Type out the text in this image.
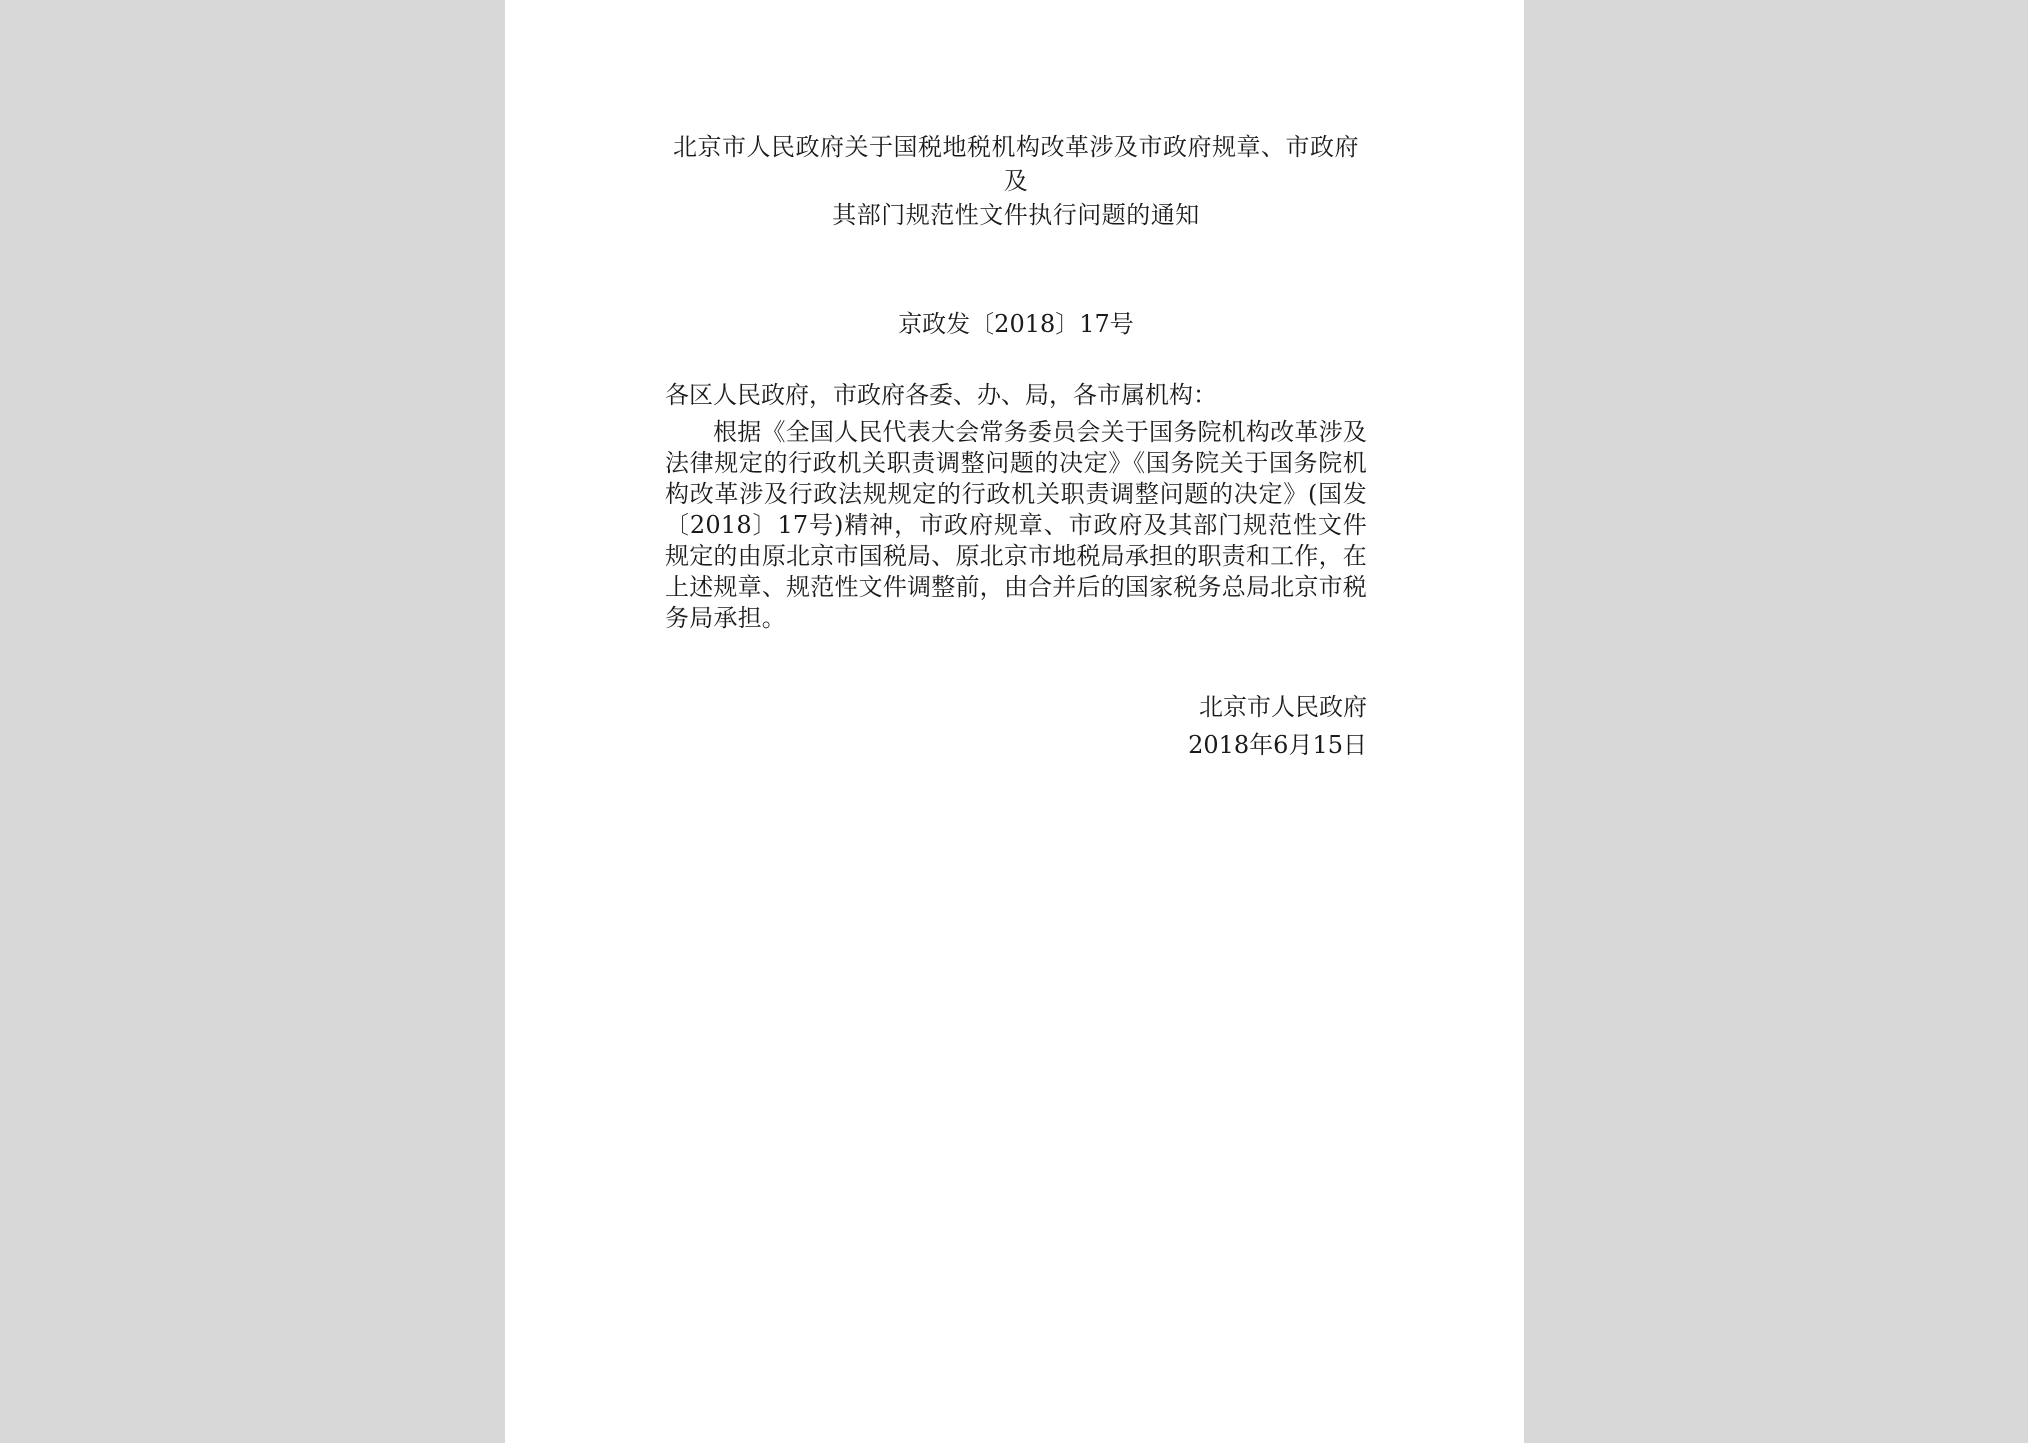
北京市人民政府关于国税地税机构改革涉及市政府规章、市政府及
其部门规范性文件执行问题的通知
京政发〔2018〕17号
各区人民政府，市政府各委、办、局，各市属机构：
根据《全国人民代表大会常务委员会关于国务院机构改革涉及法律规定的行政机关职责调整问题的决定》《国务院关于国务院机构改革涉及行政法规规定的行政机关职责调整问题的决定》(国发〔2018〕17号)精神，市政府规章、市政府及其部门规范性文件规定的由原北京市国税局、原北京市地税局承担的职责和工作，在上述规章、规范性文件调整前，由合并后的国家税务总局北京市税务局承担。
北京市人民政府
2018年6月15日
